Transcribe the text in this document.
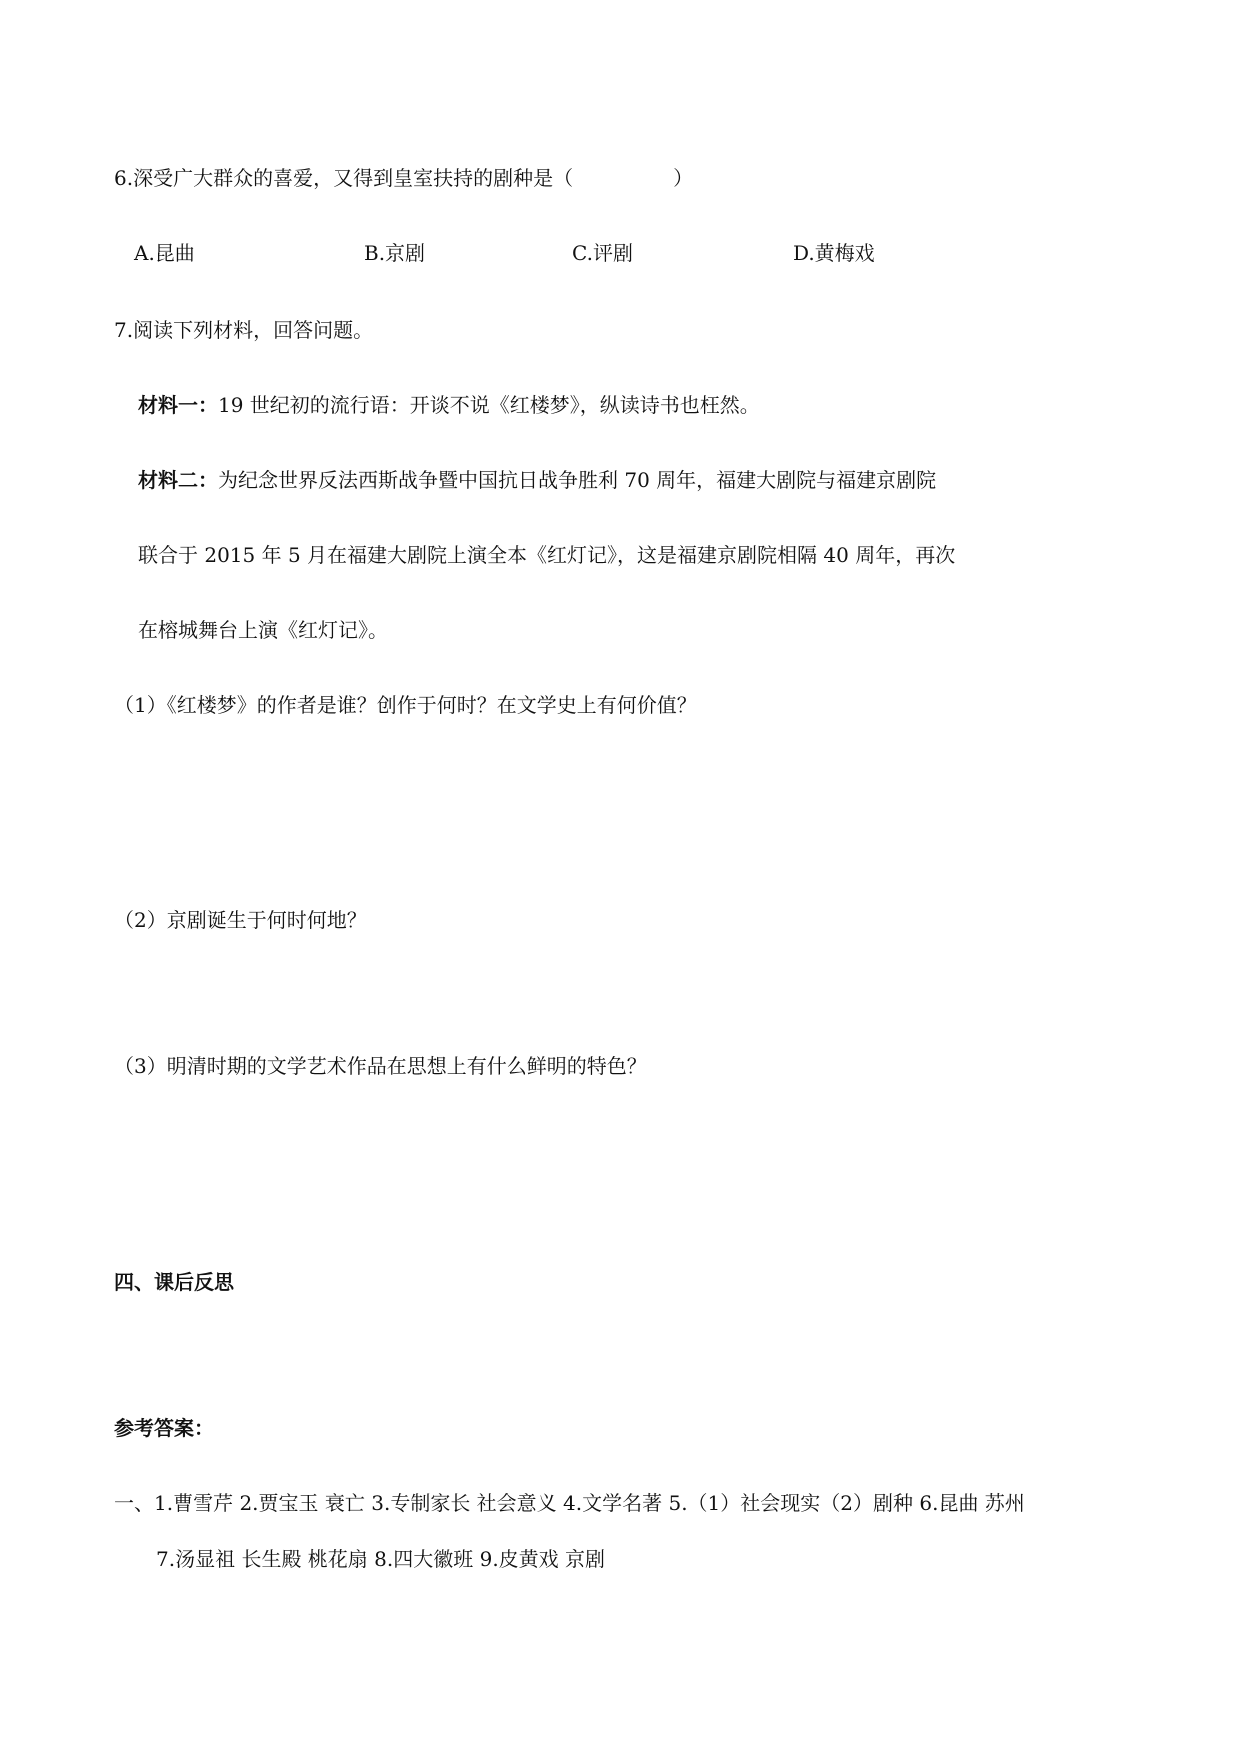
6.深受广大群众的喜爱，又得到皇室扶持的剧种是（　　　　　）
A.昆曲	B.京剧	C.评剧	D.黄梅戏
7.阅读下列材料，回答问题。
材料一：19 世纪初的流行语：开谈不说《红楼梦》，纵读诗书也枉然。
材料二：为纪念世界反法西斯战争暨中国抗日战争胜利 70 周年，福建大剧院与福建京剧院
联合于 2015 年 5 月在福建大剧院上演全本《红灯记》，这是福建京剧院相隔 40 周年，再次
在榕城舞台上演《红灯记》。
（1）《红楼梦》的作者是谁？创作于何时？在文学史上有何价值？
（2）京剧诞生于何时何地？
（3）明清时期的文学艺术作品在思想上有什么鲜明的特色？
四、课后反思
参考答案：
一、1.曹雪芹 2.贾宝玉 衰亡 3.专制家长 社会意义 4.文学名著 5.（1）社会现实（2）剧种 6.昆曲 苏州
7.汤显祖 长生殿 桃花扇 8.四大徽班 9.皮黄戏 京剧
